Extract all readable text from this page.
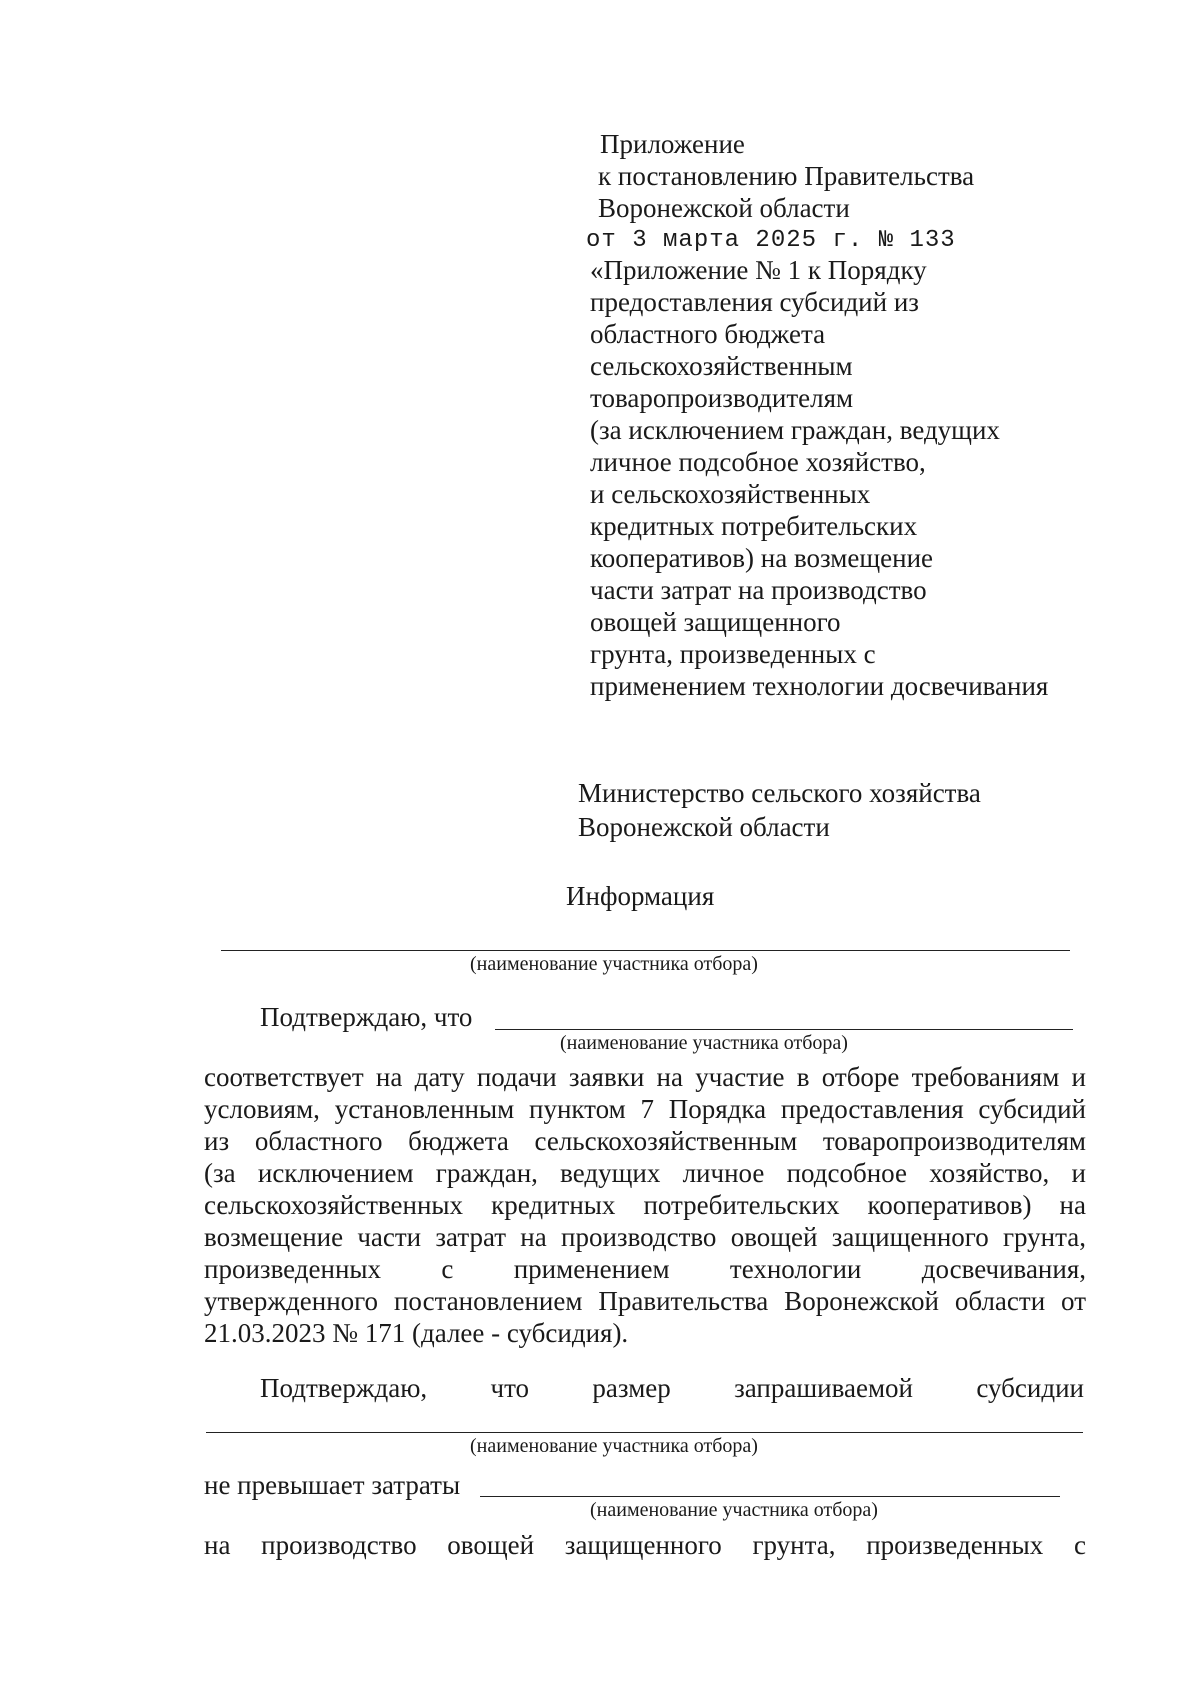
Приложение
к постановлению Правительства
Воронежской области
от 3 марта 2025 г. № 133
«Приложение № 1 к Порядку
предоставления субсидий из
областного бюджета
сельскохозяйственным
товаропроизводителям
(за исключением граждан, ведущих
личное подсобное хозяйство,
и сельскохозяйственных
кредитных потребительских
кооперативов) на возмещение
части затрат на производство
овощей защищенного
грунта, произведенных с
применением технологии досвечивания
Министерство сельского хозяйства
Воронежской области
Информация
(наименование участника отбора)
Подтверждаю, что
(наименование участника отбора)
соответствует на дату подачи заявки на участие в отборе требованиям и
условиям, установленным пунктом 7 Порядка предоставления субсидий
из областного бюджета сельскохозяйственным товаропроизводителям
(за исключением граждан, ведущих личное подсобное хозяйство, и
сельскохозяйственных кредитных потребительских кооперативов) на
возмещение части затрат на производство овощей защищенного грунта,
произведенных с применением технологии досвечивания,
утвержденного постановлением Правительства Воронежской области от
21.03.2023 № 171 (далее - субсидия).
Подтверждаю, что размер запрашиваемой субсидии
(наименование участника отбора)
не превышает затраты
(наименование участника отбора)
на производство овощей защищенного грунта, произведенных с
